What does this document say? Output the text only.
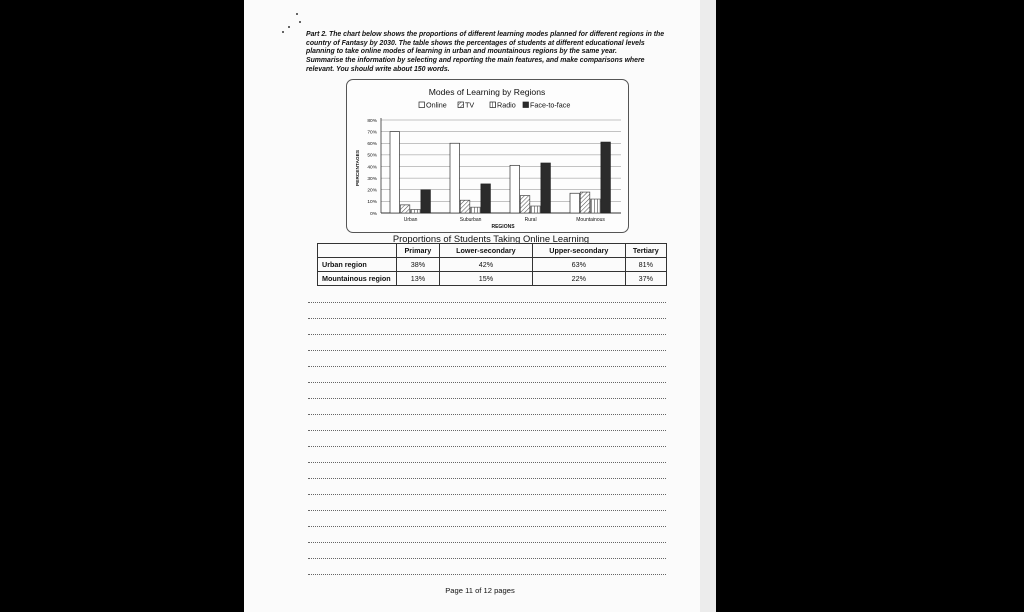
Part 2. The chart below shows the proportions of different learning modes planned for different regions in the country of Fantasy by 2030. The table shows the percentages of students at different educational levels planning to take online modes of learning in urban and mountainous regions by the same year.

Summarise the information by selecting and reporting the main features, and make comparisons where relevant. You should write about 150 words.

Modes of Learning by Regions
Online	TV	Radio Face-to-face
0%
10%
20%
30%
40%
50%
60%
70%
80%
Urban	Suburban	Rural	Mountainous
PERCENTAGES
REGIONS
Proportions of Students Taking Online Learning
	Primary	Lower-secondary	Upper-secondary	Tertiary
Urban region	38%	42%	63%	81%
Mountainous region	13%	15%	22%	37%
Page 11 of 12 pages
